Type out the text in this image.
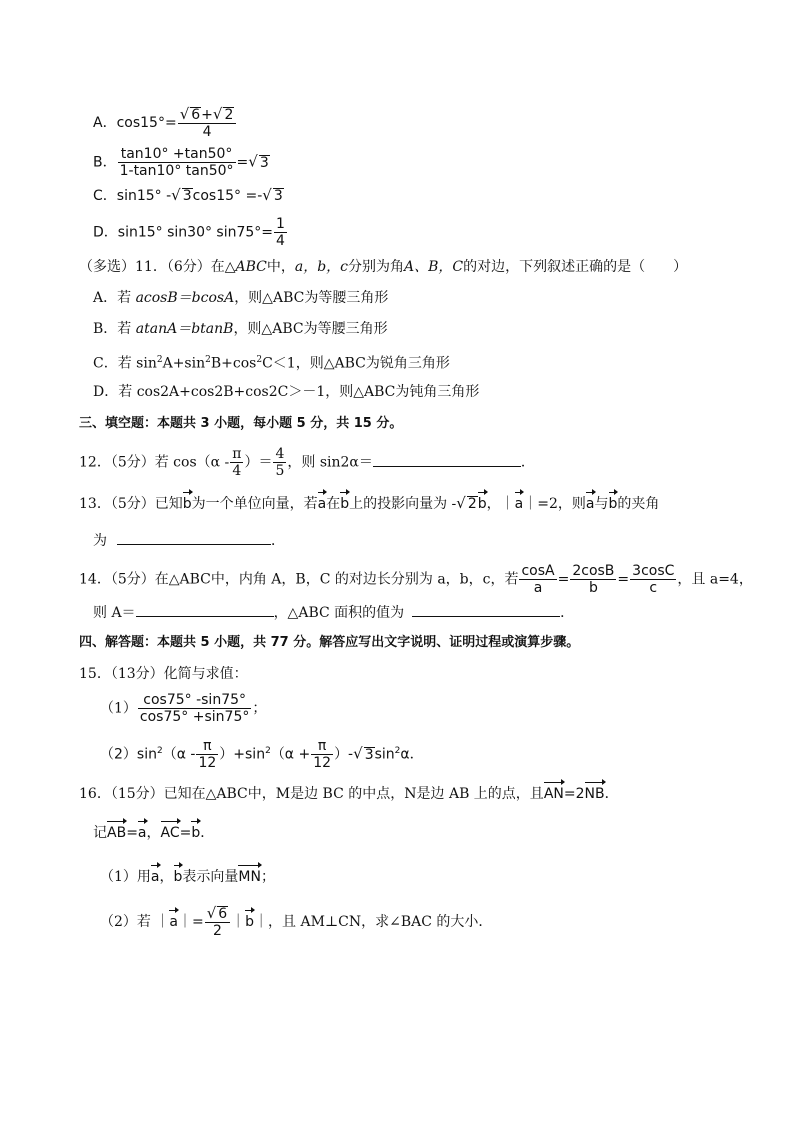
A．$\cos 15^\circ= \frac{√ 6+√ 2}{4}$
B． $\frac{\tan 10^\circ +\tan 50^\circ}{1-\tan 10^\circ \tan 50^\circ}$ =√ 3
C．sin15° -√ 3cos15° =-√ 3
D．sin15° sin30° $\sin 75^\circ= \frac{1}{4}$
（多选）11．（6分）在△ABC中，a，b，c分别为角A、B，C的对边，下列叙述正确的是（　　）
A．若 acosB＝bcosA，则△ABC为等腰三角形
B．若 atanA＝btanB，则△ABC为等腰三角形
C．若 $\sin^2A+\sin^2B+\cos^2C<1$，则△ABC为锐角三角形
D．若 cos2A+cos2B+cos2C＞－1，则△ABC为钝角三角形
三、填空题：本题共 3 小题，每小题 5 分，共 15 分。
12．（5分）若 $\cos(\alpha - \frac{\pi}{4}$ ）＝ $\frac{4}{5}$ ，则 sin2α＝	．
13．（5分）已知b为一个单位向量，若a在b上的投影向量为 -√ 2b，｜a｜=2，则a与b的夹角
为	．
14．（5分）在△ABC中，内角 A，B，C 的对边长分别为 a，b，c，若 $\frac{\cos A}{a} = \frac{2\cos B}{b} = \frac{3\cos C}{c}$ ，且 a=4，
则 A＝	，△ABC 面积的值为	．
四、解答题：本题共 5 小题，共 77 分。解答应写出文字说明、证明过程或演算步骤。
15．（13分）化简与求值：
$(1) \frac{\cos 75^\circ -\sin 75^\circ}{\cos 75^\circ +\sin 75^\circ}$ ；
$(2)\sin^2(\alpha - \frac{\pi}{12} )+\sin^2(\alpha + \frac{\pi}{12}$ ）-√ $3\sin^2\alpha$．
16．（15分）已知在△ABC中，M是边 BC 的中点，N是边 AB 上的点，且AN=2NB．
记AB=a，AC=b．
（1）用a，b表示向量MN；
（2）若 ｜a｜= $\frac{√ 6}{2}$ ｜b｜，且 AM⊥CN，求∠BAC 的大小．
